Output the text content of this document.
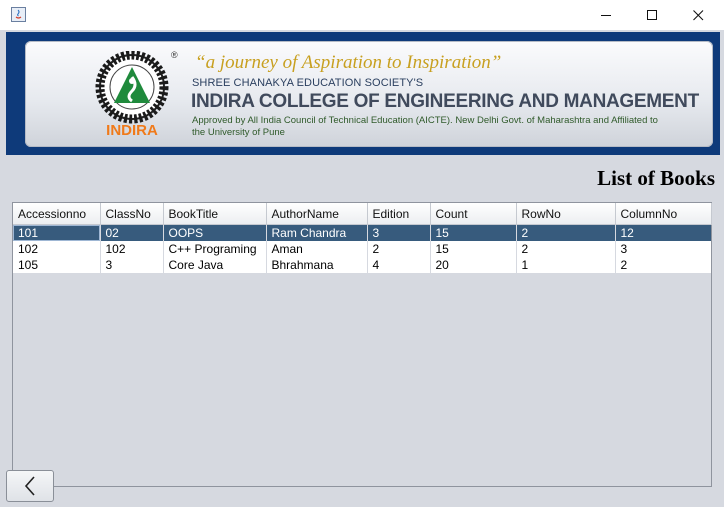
INDIRA
® “a journey of Aspiration to Inspiration”
SHREE CHANAKYA EDUCATION SOCIETY'S
INDIRA COLLEGE OF ENGINEERING AND MANAGEMENT
Approved by All India Council of Technical Education (AICTE). New Delhi Govt. of Maharashtra and Affiliated to the University of Pune
List of Books
Accessionno	ClassNo	BookTitle	AuthorName	Edition	Count	RowNo	ColumnNo
101	02	OOPS	Ram Chandra	3	15	2	12
102	102	C++ Programing	Aman	2	15	2	3
105	3	Core Java	Bhrahmana	4	20	1	2
